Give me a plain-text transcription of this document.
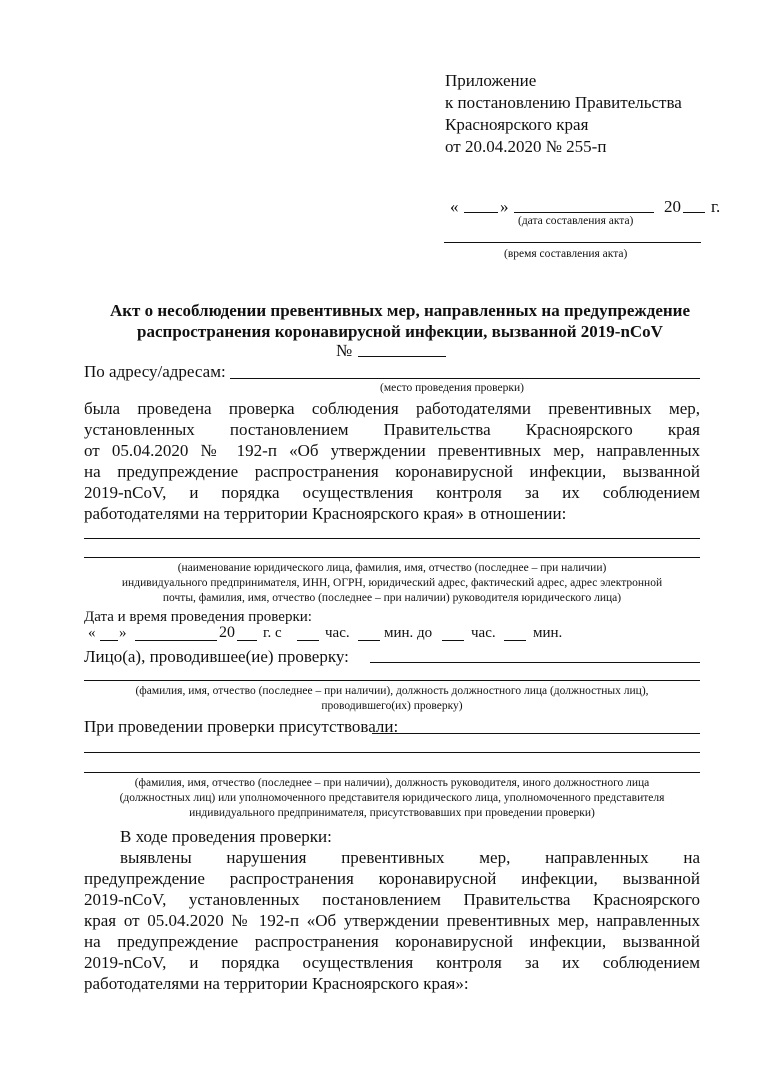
Приложение
к постановлению Правительства
Красноярского края
от 20.04.2020 № 255-п
« »	20 г.
(дата составления акта)
(время составления акта)
Акт о несоблюдении превентивных мер, направленных на предупреждение
распространения коронавирусной инфекции, вызванной 2019-nCoV
№
По адресу/адресам:
(место проведения проверки)
была проведена проверка соблюдения работодателями превентивных мер,
установленных постановлением Правительства Красноярского края
от 05.04.2020 № 192-п «Об утверждении превентивных мер, направленных
на предупреждение распространения коронавирусной инфекции, вызванной
2019-nCoV, и порядка осуществления контроля за их соблюдением
работодателями на территории Красноярского края» в отношении:
(наименование юридического лица, фамилия, имя, отчество (последнее – при наличии)
индивидуального предпринимателя, ИНН, ОГРН, юридический адрес, фактический адрес, адрес электронной
почты, фамилия, имя, отчество (последнее – при наличии) руководителя юридического лица)
Дата и время проведения проверки:
« »	20 г. с	час. мин. до	час. мин.
Лицо(а), проводившее(ие) проверку:
(фамилия, имя, отчество (последнее – при наличии), должность должностного лица (должностных лиц),
проводившего(их) проверку)
При проведении проверки присутствовали:
(фамилия, имя, отчество (последнее – при наличии), должность руководителя, иного должностного лица
(должностных лиц) или уполномоченного представителя юридического лица, уполномоченного представителя
индивидуального предпринимателя, присутствовавших при проведении проверки)
В ходе проведения проверки:
выявлены нарушения превентивных мер, направленных на
предупреждение распространения коронавирусной инфекции, вызванной
2019-nCoV, установленных постановлением Правительства Красноярского
края от 05.04.2020 № 192-п «Об утверждении превентивных мер, направленных
на предупреждение распространения коронавирусной инфекции, вызванной
2019-nCoV, и порядка осуществления контроля за их соблюдением
работодателями на территории Красноярского края»:
